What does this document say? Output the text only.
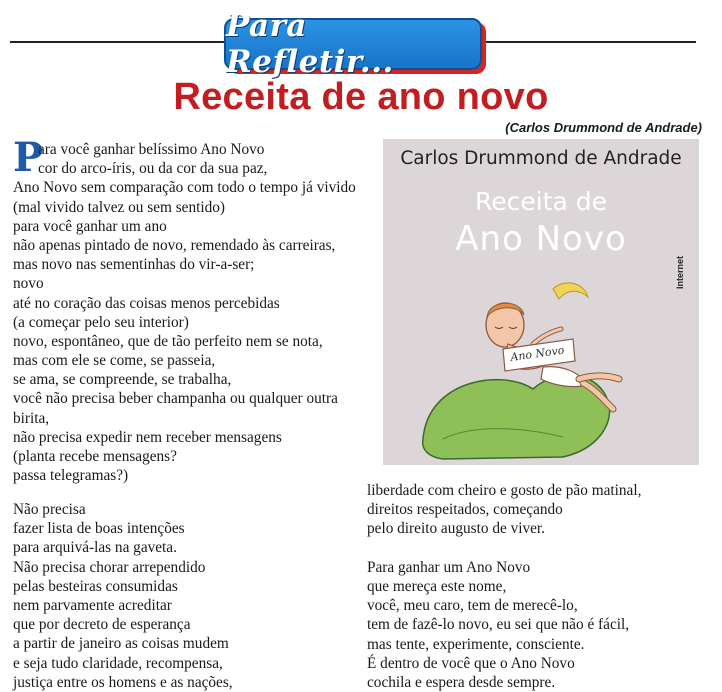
Para Refletir...
Receita de ano novo
(Carlos Drummond de Andrade)
P
ara você ganhar belíssimo Ano Novo
cor do arco-íris, ou da cor da sua paz,
Ano Novo sem comparação com todo o tempo já vivido
(mal vivido talvez ou sem sentido)
para você ganhar um ano
não apenas pintado de novo, remendado às carreiras,
mas novo nas sementinhas do vir-a-ser;
novo
até no coração das coisas menos percebidas
(a começar pelo seu interior)
novo, espontâneo, que de tão perfeito nem se nota,
mas com ele se come, se passeia,
se ama, se compreende, se trabalha,
você não precisa beber champanha ou qualquer outra
birita,
não precisa expedir nem receber mensagens
(planta recebe mensagens?
passa telegramas?)
Não precisa
fazer lista de boas intenções
para arquivá-las na gaveta.
Não precisa chorar arrependido
pelas besteiras consumidas
nem parvamente acreditar
que por decreto de esperança
a partir de janeiro as coisas mudem
e seja tudo claridade, recompensa,
justiça entre os homens e as nações,
liberdade com cheiro e gosto de pão matinal,
direitos respeitados, começando
pelo direito augusto de viver.
Para ganhar um Ano Novo
que mereça este nome,
você, meu caro, tem de merecê-lo,
tem de fazê-lo novo, eu sei que não é fácil,
mas tente, experimente, consciente.
É dentro de você que o Ano Novo
cochila e espera desde sempre.
Carlos Drummond de Andrade
Receita de
Ano Novo
Internet
Ano Novo
